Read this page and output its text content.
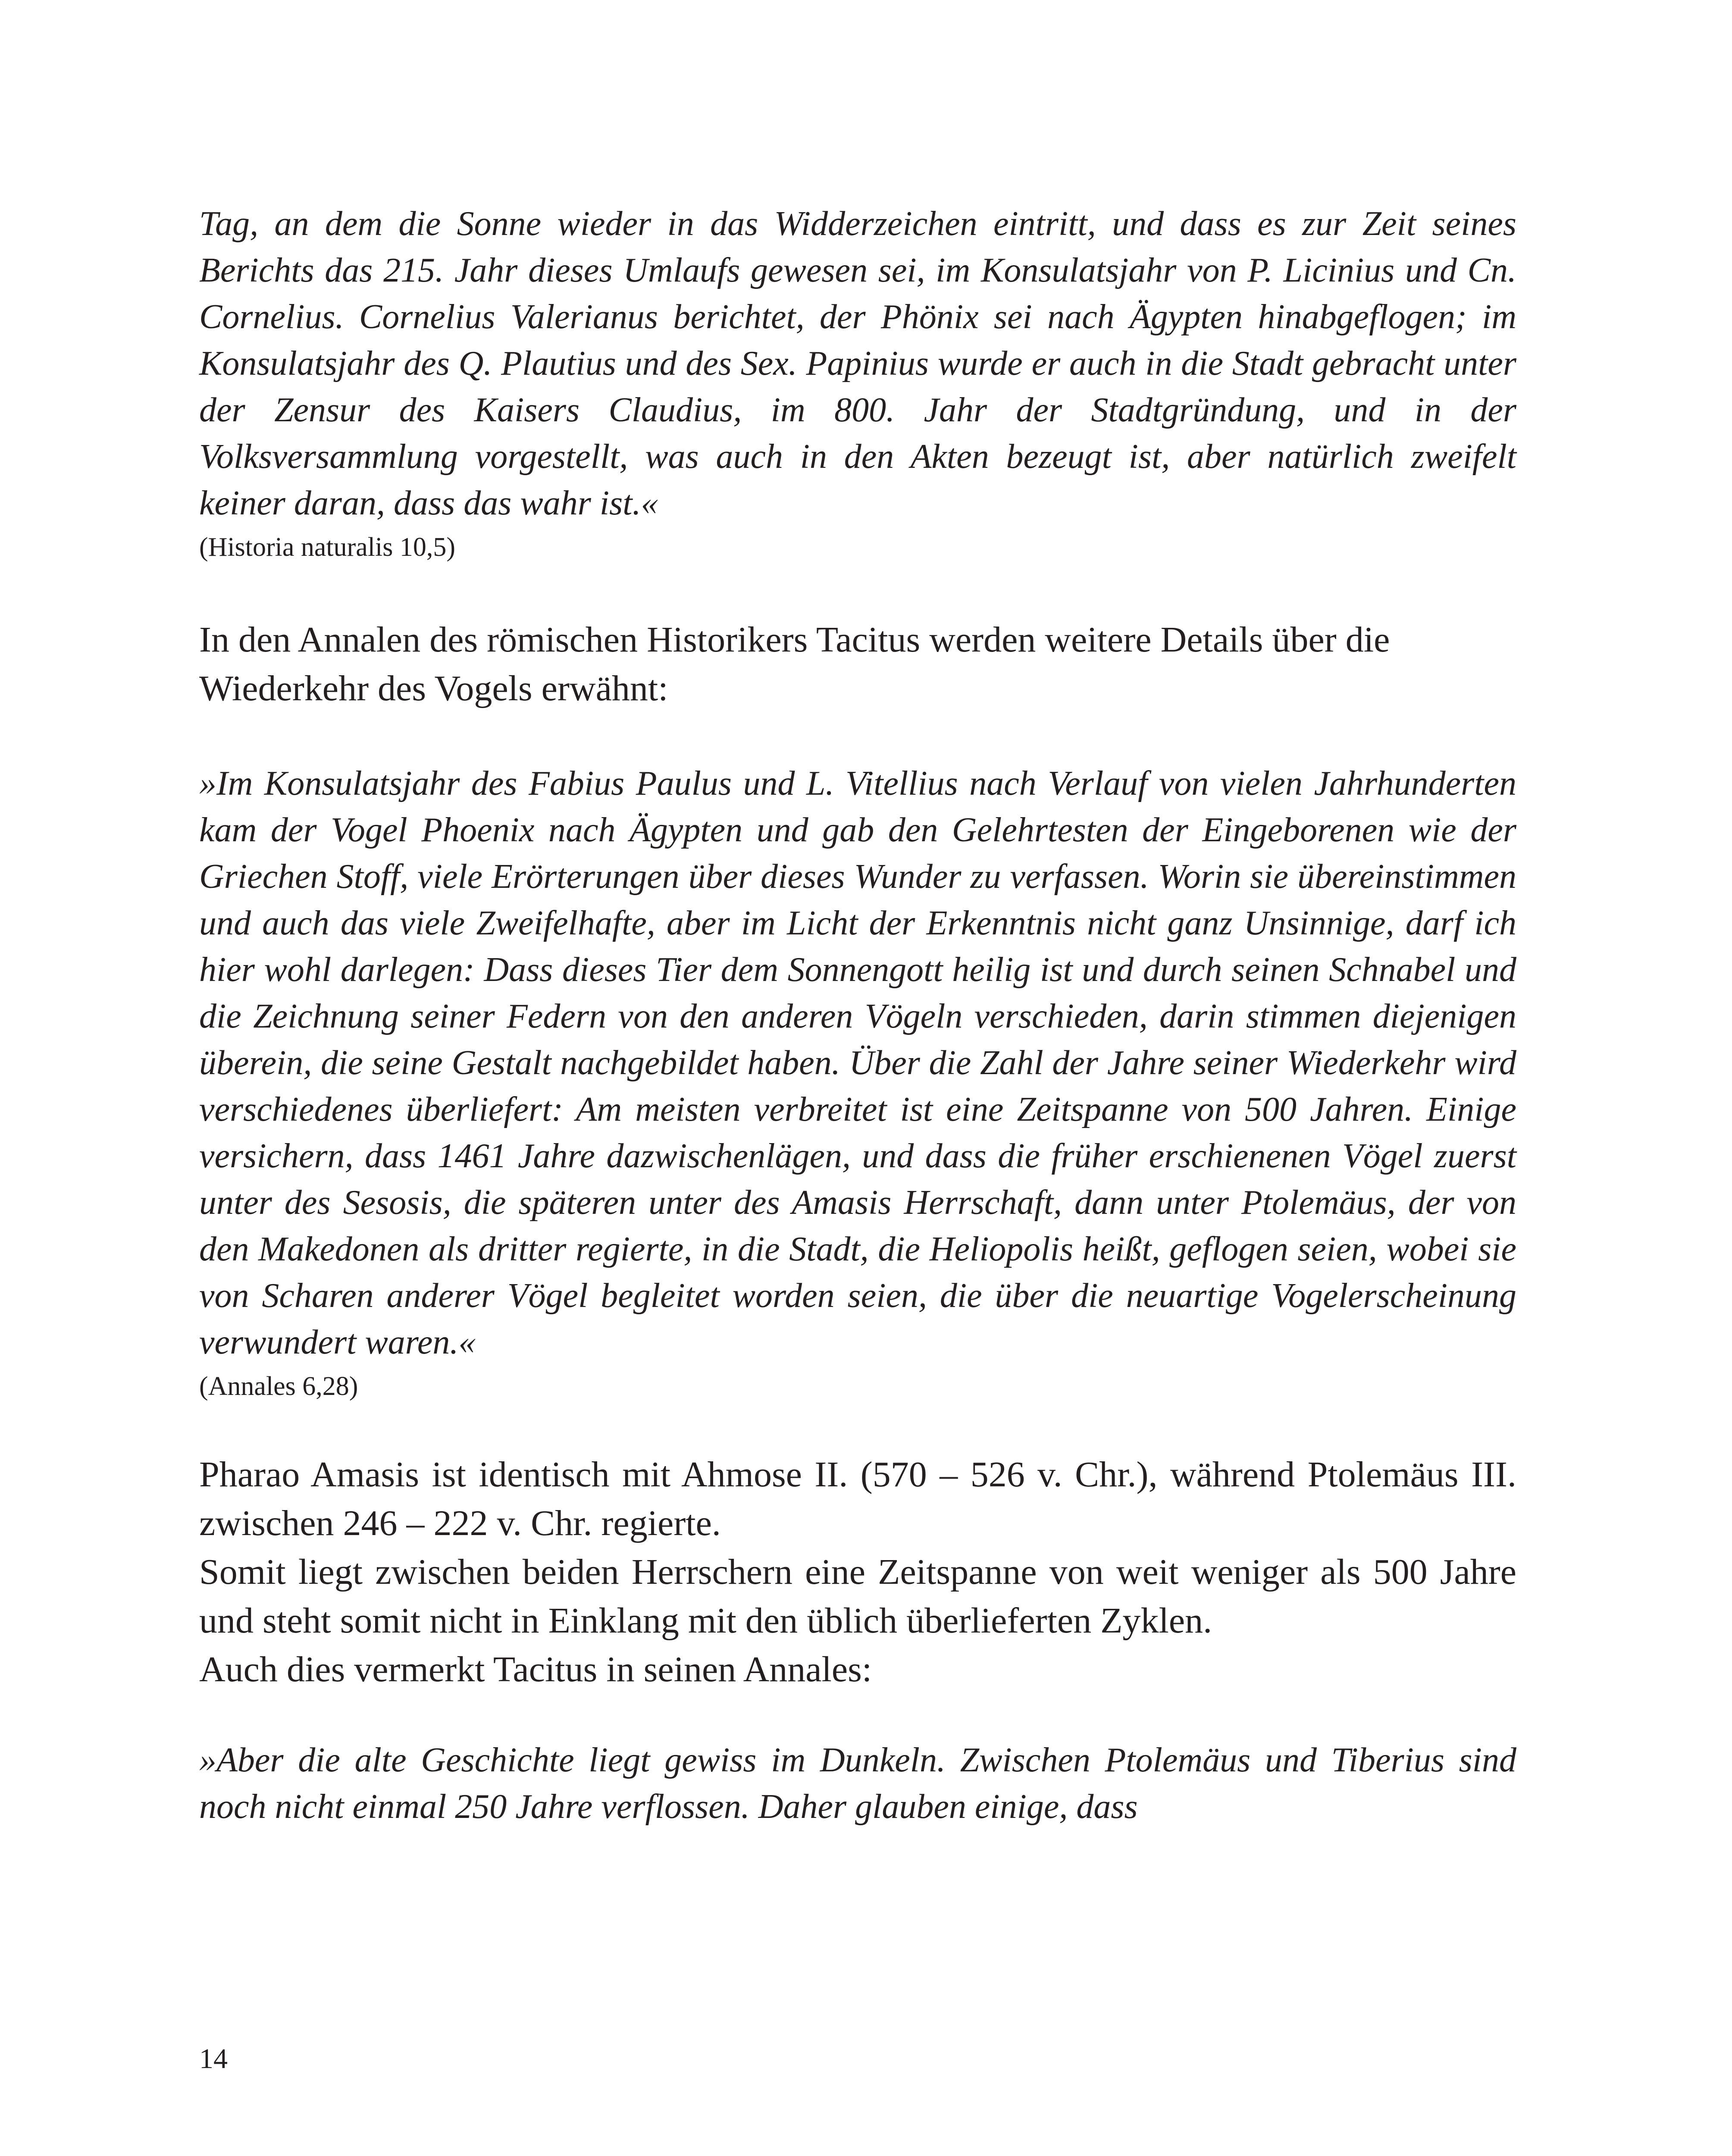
Tag, an dem die Sonne wieder in das Widderzeichen eintritt, und dass es zur Zeit seines Berichts das 215. Jahr dieses Umlaufs gewesen sei, im Konsulatsjahr von P. Licinius und Cn. Cornelius. Cornelius Valerianus berichtet, der Phönix sei nach Ägypten hinabgeflogen; im Konsulatsjahr des Q. Plautius und des Sex. Papinius wurde er auch in die Stadt gebracht unter der Zensur des Kaisers Claudius, im 800. Jahr der Stadtgründung, und in der Volksversammlung vorgestellt, was auch in den Akten bezeugt ist, aber natürlich zweifelt keiner daran, dass das wahr ist.«

(Historia naturalis 10,5)

In den Annalen des römischen Historikers Tacitus werden weitere Details über die Wiederkehr des Vogels erwähnt:

»Im Konsulatsjahr des Fabius Paulus und L. Vitellius nach Verlauf von vielen Jahrhunderten kam der Vogel Phoenix nach Ägypten und gab den Gelehrtesten der Eingeborenen wie der Griechen Stoff, viele Erörterungen über dieses Wunder zu verfassen. Worin sie übereinstimmen und auch das viele Zweifelhafte, aber im Licht der Erkenntnis nicht ganz Unsinnige, darf ich hier wohl darlegen: Dass dieses Tier dem Sonnengott heilig ist und durch seinen Schnabel und die Zeichnung seiner Federn von den anderen Vögeln verschieden, darin stimmen diejenigen überein, die seine Gestalt nachgebildet haben. Über die Zahl der Jahre seiner Wiederkehr wird verschiedenes überliefert: Am meisten verbreitet ist eine Zeitspanne von 500 Jahren. Einige versichern, dass 1461 Jahre dazwischenlägen, und dass die früher erschienenen Vögel zuerst unter des Sesosis, die späteren unter des Amasis Herrschaft, dann unter Ptolemäus, der von den Makedonen als dritter regierte, in die Stadt, die Heliopolis heißt, geflogen seien, wobei sie von Scharen anderer Vögel begleitet worden seien, die über die neuartige Vogelerscheinung verwundert waren.«

(Annales 6,28)

Pharao Amasis ist identisch mit Ahmose II. (570 – 526 v. Chr.), während Ptolemäus III. zwischen 246 – 222 v. Chr. regierte.

Somit liegt zwischen beiden Herrschern eine Zeitspanne von weit weniger als 500 Jahre und steht somit nicht in Einklang mit den üblich überlieferten Zyklen.

Auch dies vermerkt Tacitus in seinen Annales:

»Aber die alte Geschichte liegt gewiss im Dunkeln. Zwischen Ptolemäus und Tiberius sind noch nicht einmal 250 Jahre verflossen. Daher glauben einige, dass

14
